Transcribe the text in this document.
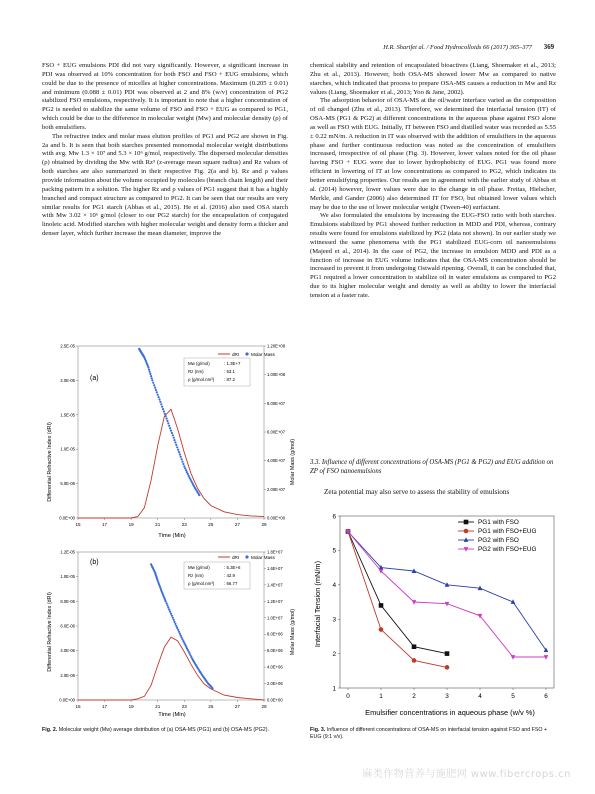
H.R. Sharifet al. / Food Hydrocolloids 66 (2017) 365–377 369

FSO + EUG emulsions PDI did not vary significantly. However, a significant increase in PDI was observed at 10% concentration for both FSO and FSO + EUG emulsions, which could be due to the presence of micelles at higher concentrations. Maximum (0.205 ± 0.01) and minimum (0.088 ± 0.01) PDI was observed at 2 and 8% (w/v) concentration of PG2 stabilized FSO emulsions, respectively. It is important to note that a higher concentration of PG2 is needed to stabilize the same volume of FSO and FSO + EUG as compared to PG1, which could be due to the difference in molecular weight (Mw) and molecular density (ρ) of both emulsifiers.

The refractive index and molar mass elution profiles of PG1 and PG2 are shown in Fig. 2a and b. It is seen that both starches presented monomodal molecular weight distributions with avg. Mw 1.3 × 10⁷ and 5.3 × 10⁶ g/mol, respectively. The dispersed molecular densities (ρ) obtained by dividing the Mw with Rz³ (z-average mean square radius) and Rz values of both starches are also summarized in their respective Fig. 2(a and b). Rz and ρ values provide information about the volume occupied by molecules (branch chain length) and their packing pattern in a solution. The higher Rz and ρ values of PG1 suggest that it has a highly branched and compact structure as compared to PG2. It can be seen that our results are very similar results for PG1 starch (Abbas et al., 2015). He et al. (2016) also used OSA starch with Mw 3.02 × 10⁶ g/mol (closer to our PG2 starch) for the encapsulation of conjugated linoleic acid. Modified starches with higher molecular weight and density form a thicker and denser layer, which further increase the mean diameter, improve the

chemical stability and retention of encapsulated bioactives (Liang, Shoemaker et al., 2013; Zhu et al., 2013). However, both OSA-MS showed lower Mw as compared to native starches, which indicated that process to prepare OSA-MS causes a reduction in Mw and Rz values (Liang, Shoemaker et al., 2013; Yoo & Jane, 2002).

The adsorption behavior of OSA-MS at the oil/water interface varied as the composition of oil changed (Zhu et al., 2013). Therefore, we determined the interfacial tension (IT) of OSA-MS (PG1 & PG2) at different concentrations in the aqueous phase against FSO alone as well as FSO with EUG. Initially, IT between FSO and distilled water was recorded as 5.55 ± 0.22 mN/m. A reduction in IT was observed with the addition of emulsifiers in the aqueous phase and further continuous reduction was noted as the concentration of emulsifiers increased, irrespective of oil phase (Fig. 3). However, lower values noted for the oil phase having FSO + EUG were due to lower hydrophobicity of EUG. PG1 was found more efficient in lowering of IT at low concentrations as compared to PG2, which indicates its better emulsifying properties. Our results are in agreement with the earlier study of Abbas et al. (2014) however, lower values were due to the change in oil phase. Freitas, Hielscher, Merkle, and Gander (2006) also determined IT for FSO, but obtained lower values which may be due to the use of lower molecular weight (Tween-40) surfactant.

We also formulated the emulsions by increasing the EUG-FSO ratio with both starches. Emulsions stabilized by PG1 showed further reduction in MDD and PDI, whereas, contrary results were found for emulsions stabilized by PG2 (data not shown). In our earlier study we witnessed the same phenomena with the PG1 stabilized EUG-corn oil nanoemulsions (Majeed et al., 2014). In the case of PG2, the increase in emulsion MDD and PDI as a function of increase in EUG volume indicates that the OSA-MS concentration should be increased to prevent it from undergoing Ostwald ripening. Overall, it can be concluded that, PG1 required a lower concentration to stabilize oil in water emulsions as compared to PG2 due to its higher molecular weight and density as well as ability to lower the interfacial tension at a faster rate.

3.3. Influence of different concentrations of OSA-MS (PG1 & PG2) and EUG addition on ZP of FSO nanoemulsions
Zeta potential may also serve to assess the stability of emulsions
(a)
dRI	Molar Mass
Mw (g/mol)	: 1.3E+7
Rz (nm)	: 53.1
ρ (g/mol.nm³) : 87.2
Differential Refractive Index (dRI)	Molar Mass (g/mol)
Time (Min)
0.0E+00
5.0E-06
1.0E-05
1.5E-05
2.0E-05
2.5E-05
0.00E+00
2.00E+07
4.00E+07
6.00E+07
8.00E+07
1.00E+08
1.20E+08
15	17	19	21	23	25	27	29
(b)
dRI	Molar Mass
Mw (g/mol)	: 5.3E+6
Rz (nm)	: 42.9
ρ (g/mol.nm³) : 66.77
Differential Refractive Index (dRI)	Molar Mass (g/mol)
Time (Min)
0.0E+00
2.0E-06
4.0E-06
6.0E-06
8.0E-06
1.0E-05
1.2E-05
0.0E+00
2.0E+06
4.0E+06
6.0E+06
8.0E+06
1.0E+07
1.2E+07
1.4E+07
1.6E+07
1.8E+07
15	17	19	21	23	25	27	29
Interfacial Tension (mN/m)
Emulsifier concentrations in aqueous phase (w/v %)
1
2
3
4
5
6
0	1	2	3	4	5	6
PG1 with FSO
PG1 with FSO+EUG
PG2 with FSO
PG2 with FSO+EUG
Fig. 2. Molecular weight (Mw) average distribution of (a) OSA-MS (PG1) and (b) OSA-MS (PG2).	Fig. 3. Influence of different concentrations of OSA-MS on interfacial tension against FSO and FSO + EUG (9:1 v/v).
麻类作物营养与施肥网 www.fibercrops.cn
